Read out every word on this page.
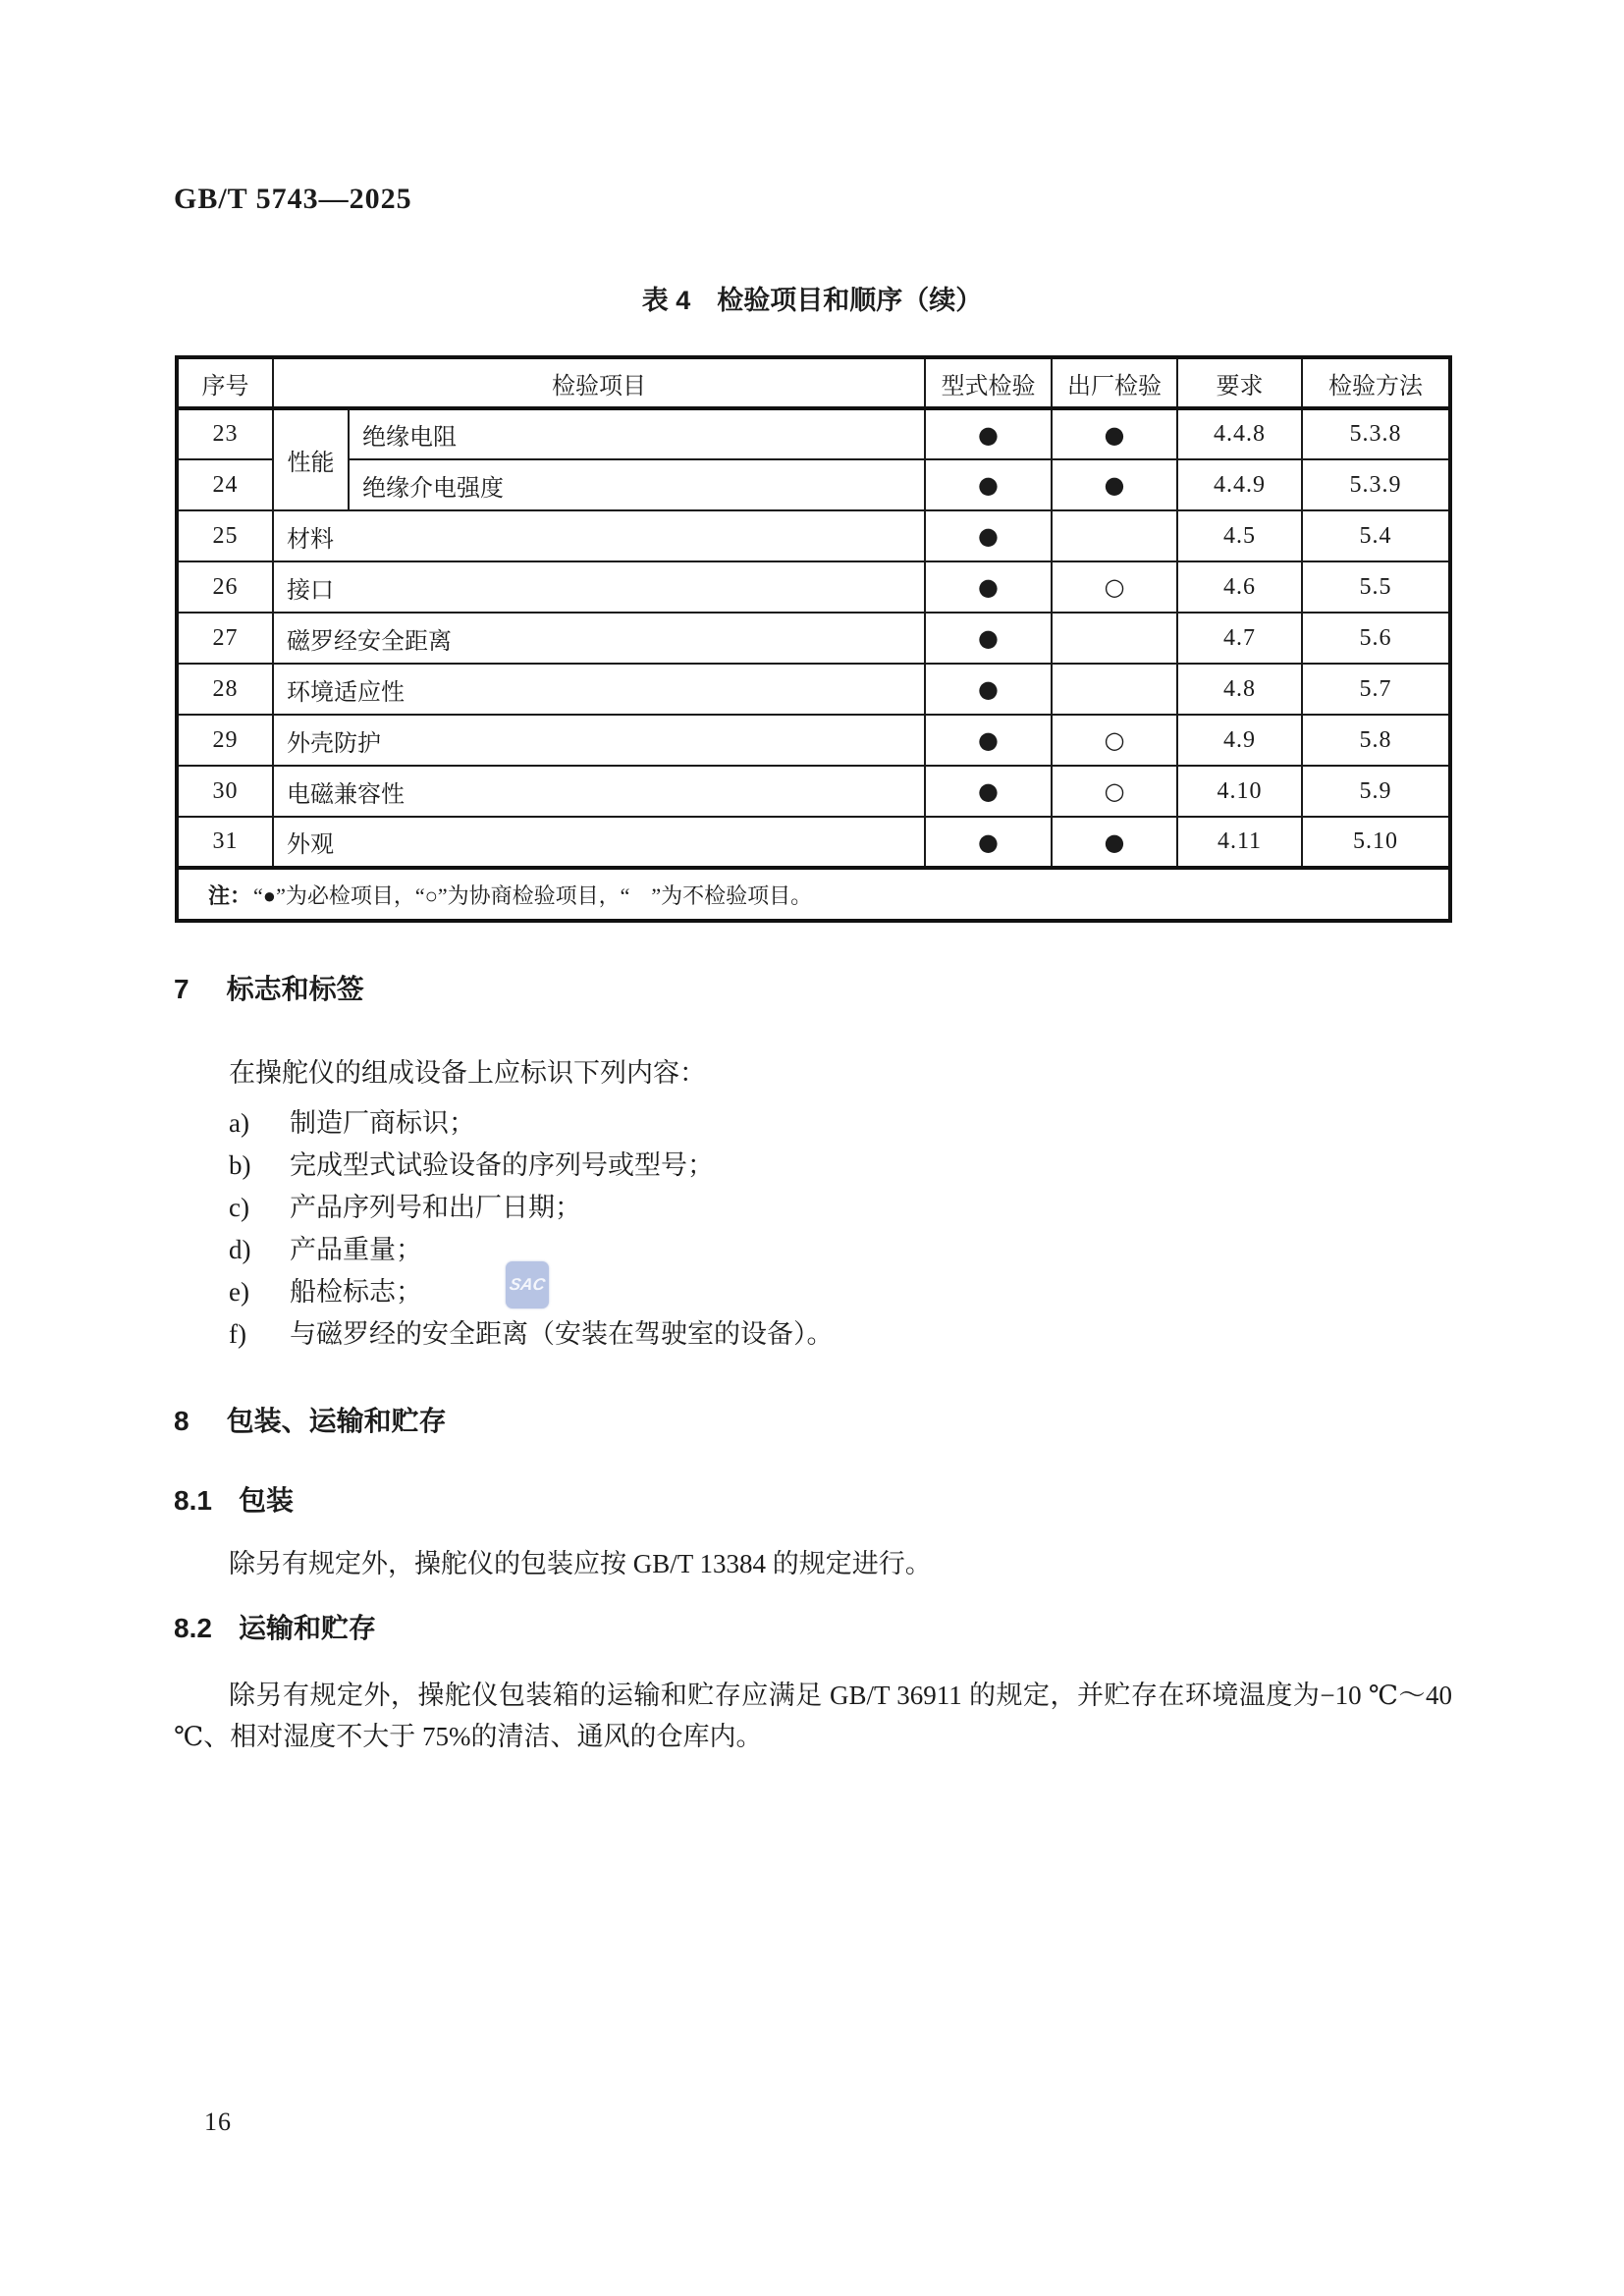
GB/T 5743—2025
表 4　检验项目和顺序（续）
序号	检验项目		型式检验	出厂检验	要求	检验方法
23	性能	绝缘电阻	●	●	4.4.8	5.3.8
24		绝缘介电强度	●	●	4.4.9	5.3.9
25	材料		●		4.5	5.4
26	接口		●	○	4.6	5.5
27	磁罗经安全距离		●		4.7	5.6
28	环境适应性		●		4.8	5.7
29	外壳防护		●	○	4.9	5.8
30	电磁兼容性		●	○	4.10	5.9
31	外观		●	●	4.11	5.10
注：“●”为必检项目，“○”为协商检验项目，“　”为不检验项目。						
7 标志和标签
在操舵仪的组成设备上应标识下列内容：
SAC
a) 制造厂商标识；
b) 完成型式试验设备的序列号或型号；
c) 产品序列号和出厂日期；
d) 产品重量；
e) 船检标志；
f) 与磁罗经的安全距离（安装在驾驶室的设备）。
8 包装、运输和贮存
8.1 包装
除另有规定外，操舵仪的包装应按 GB/T 13384 的规定进行。
8.2 运输和贮存
除另有规定外，操舵仪包装箱的运输和贮存应满足 GB/T 36911 的规定，并贮存在环境温度为−10 ℃～40 ℃、相对湿度不大于 75%的清洁、通风的仓库内。
16
